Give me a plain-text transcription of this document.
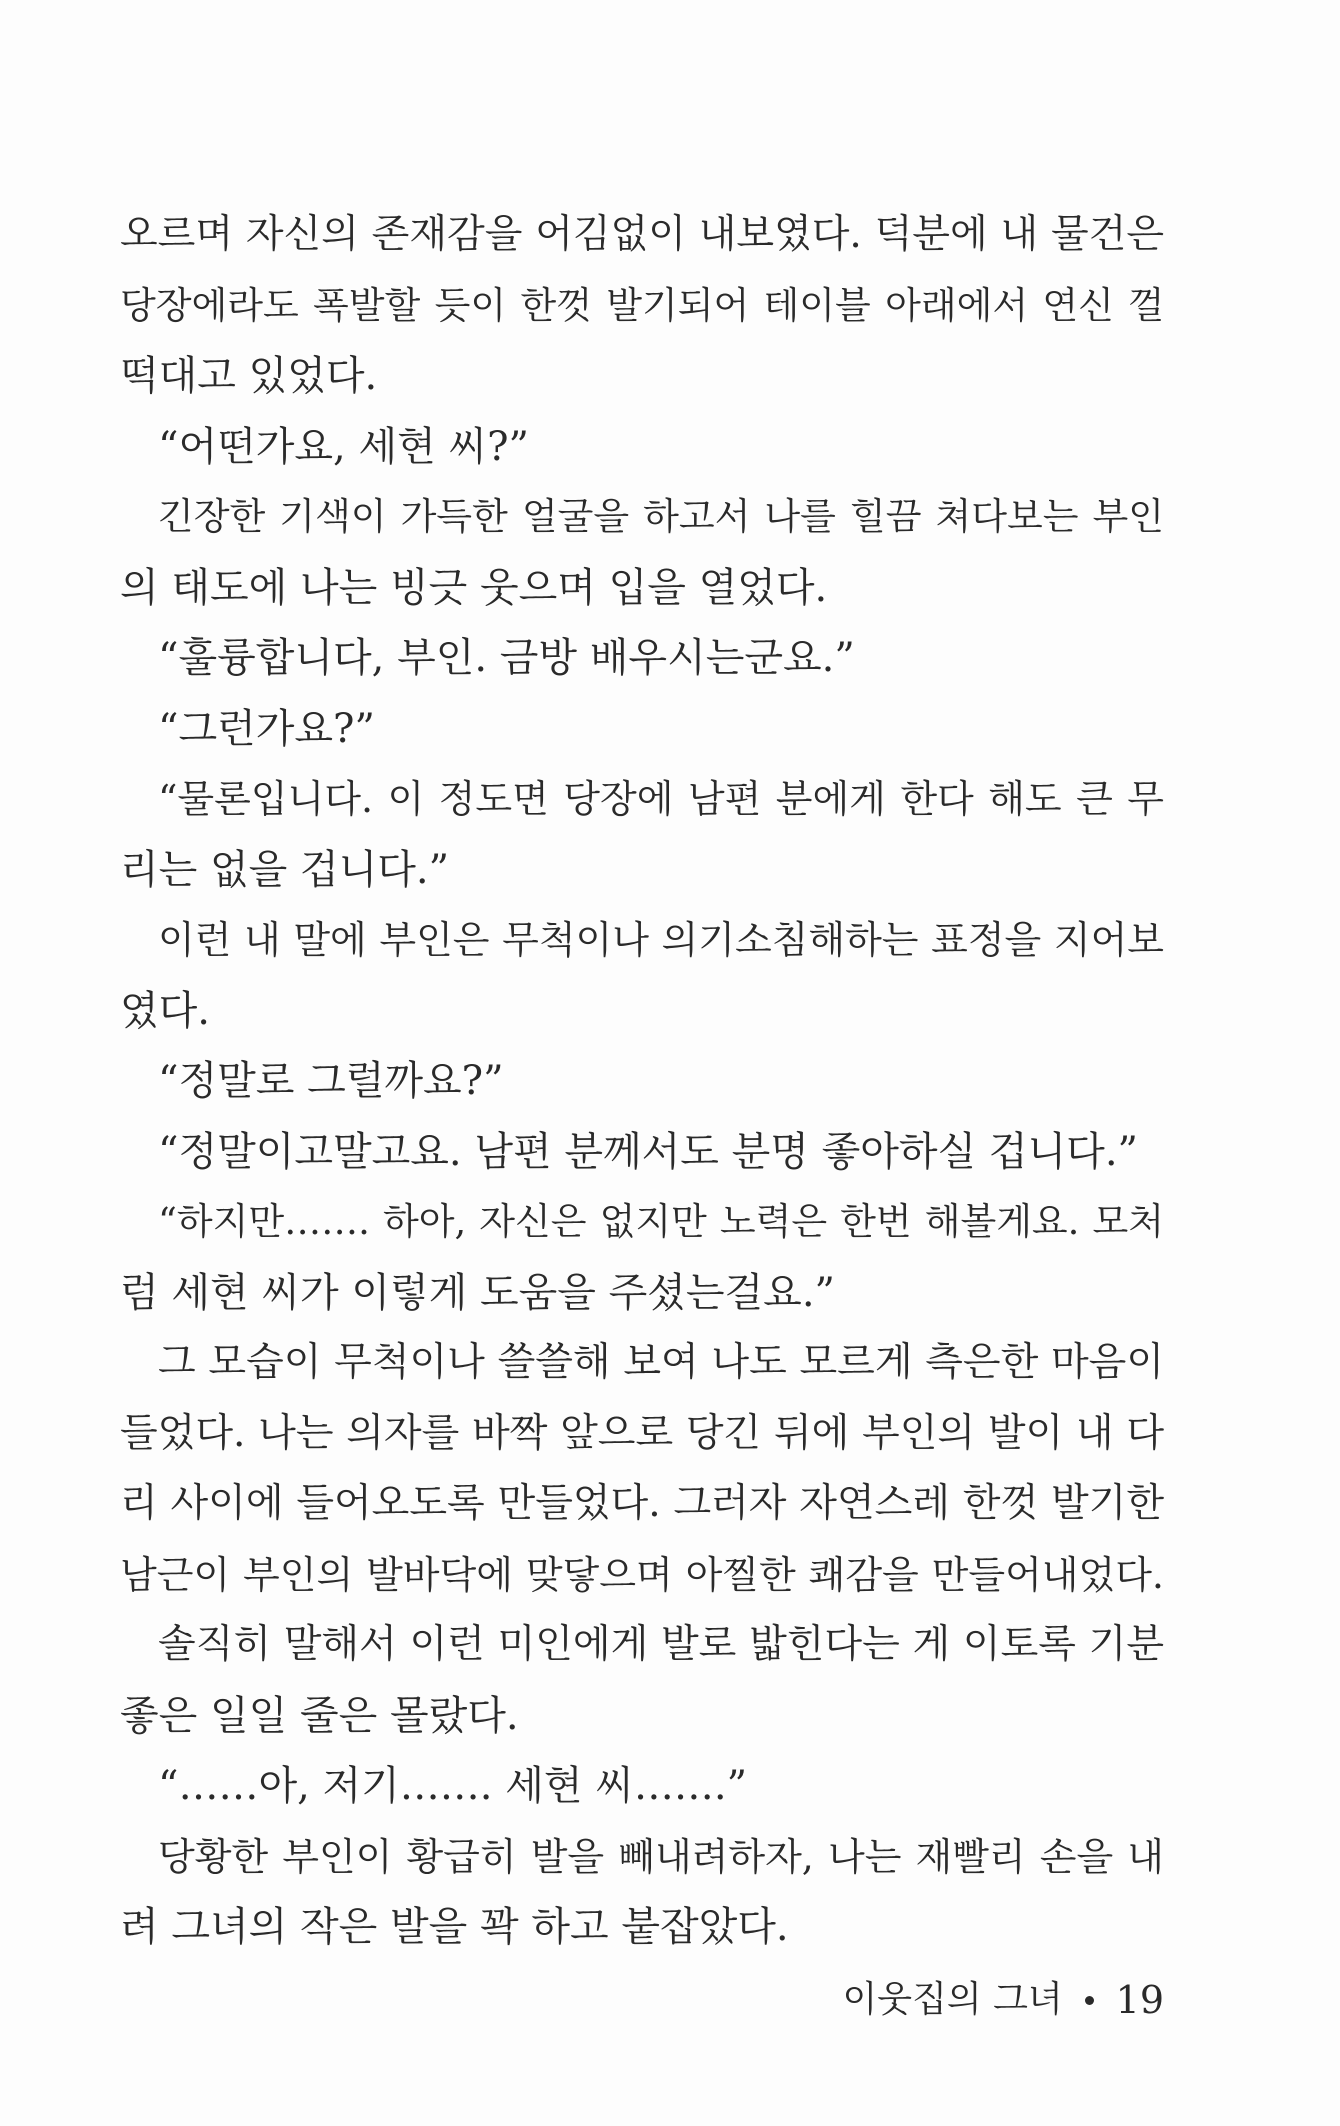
오르며 자신의 존재감을 어김없이 내보였다. 덕분에 내 물건은
당장에라도 폭발할 듯이 한껏 발기되어 테이블 아래에서 연신 껄
떡대고 있었다.
“어떤가요, 세현 씨?”
긴장한 기색이 가득한 얼굴을 하고서 나를 힐끔 쳐다보는 부인
의 태도에 나는 빙긋 웃으며 입을 열었다.
“훌륭합니다, 부인. 금방 배우시는군요.”
“그런가요?”
“물론입니다. 이 정도면 당장에 남편 분에게 한다 해도 큰 무
리는 없을 겁니다.”
이런 내 말에 부인은 무척이나 의기소침해하는 표정을 지어보
였다.
“정말로 그럴까요?”
“정말이고말고요. 남편 분께서도 분명 좋아하실 겁니다.”
“하지만……. 하아, 자신은 없지만 노력은 한번 해볼게요. 모처
럼 세현 씨가 이렇게 도움을 주셨는걸요.”
그 모습이 무척이나 쓸쓸해 보여 나도 모르게 측은한 마음이
들었다. 나는 의자를 바짝 앞으로 당긴 뒤에 부인의 발이 내 다
리 사이에 들어오도록 만들었다. 그러자 자연스레 한껏 발기한
남근이 부인의 발바닥에 맞닿으며 아찔한 쾌감을 만들어내었다.
솔직히 말해서 이런 미인에게 발로 밟힌다는 게 이토록 기분
좋은 일일 줄은 몰랐다.
“……아, 저기……. 세현 씨…….”
당황한 부인이 황급히 발을 빼내려하자, 나는 재빨리 손을 내
려 그녀의 작은 발을 꽉 하고 붙잡았다.
이웃집의 그녀 19
